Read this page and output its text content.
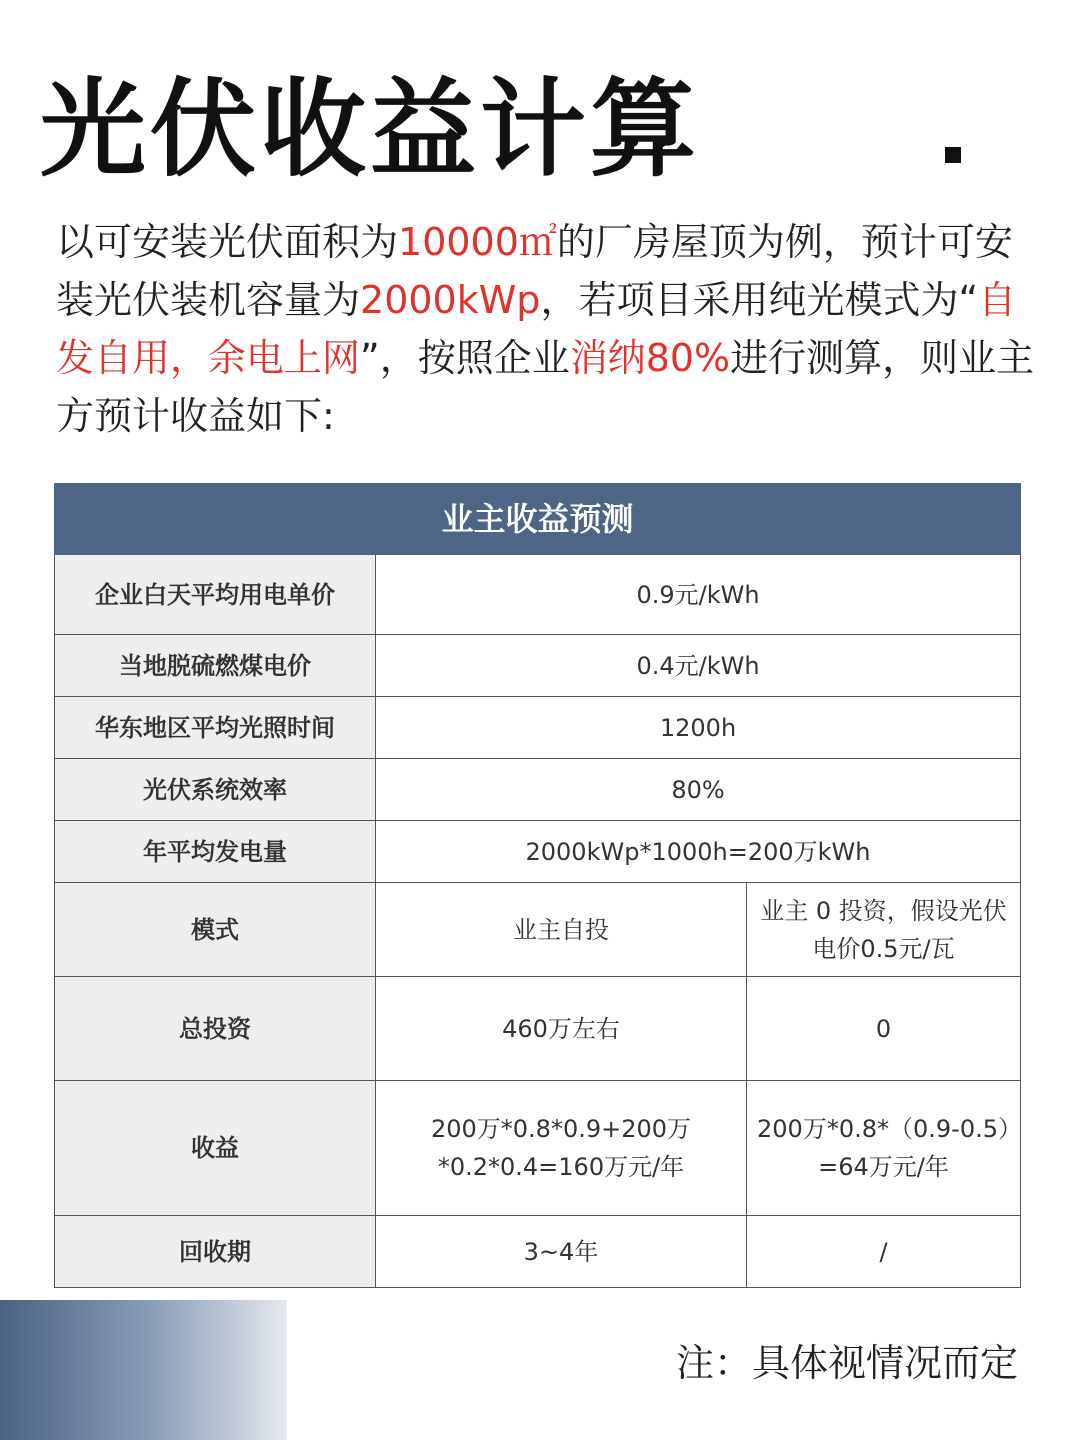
光伏收益计算
以可安装光伏面积为10000㎡的厂房屋顶为例，预计可安装光伏装机容量为2000kWp，若项目采用纯光模式为“自发自用，余电上网”，按照企业消纳80%进行测算，则业主方预计收益如下:
业主收益预测		
企业白天平均用电单价	0.9元/kWh	
当地脱硫燃煤电价	0.4元/kWh	
华东地区平均光照时间	1200h	
光伏系统效率	80%	
年平均发电量	2000kWp*1000h=200万kWh	
模式	业主自投	业主 0 投资，假设光伏电价0.5元/瓦
总投资	460万左右	0
收益	200万*0.8*0.9+200万*0.2*0.4=160万元/年	200万*0.8*（0.9-0.5）=64万元/年
回收期	3~4年	/
注：具体视情况而定
